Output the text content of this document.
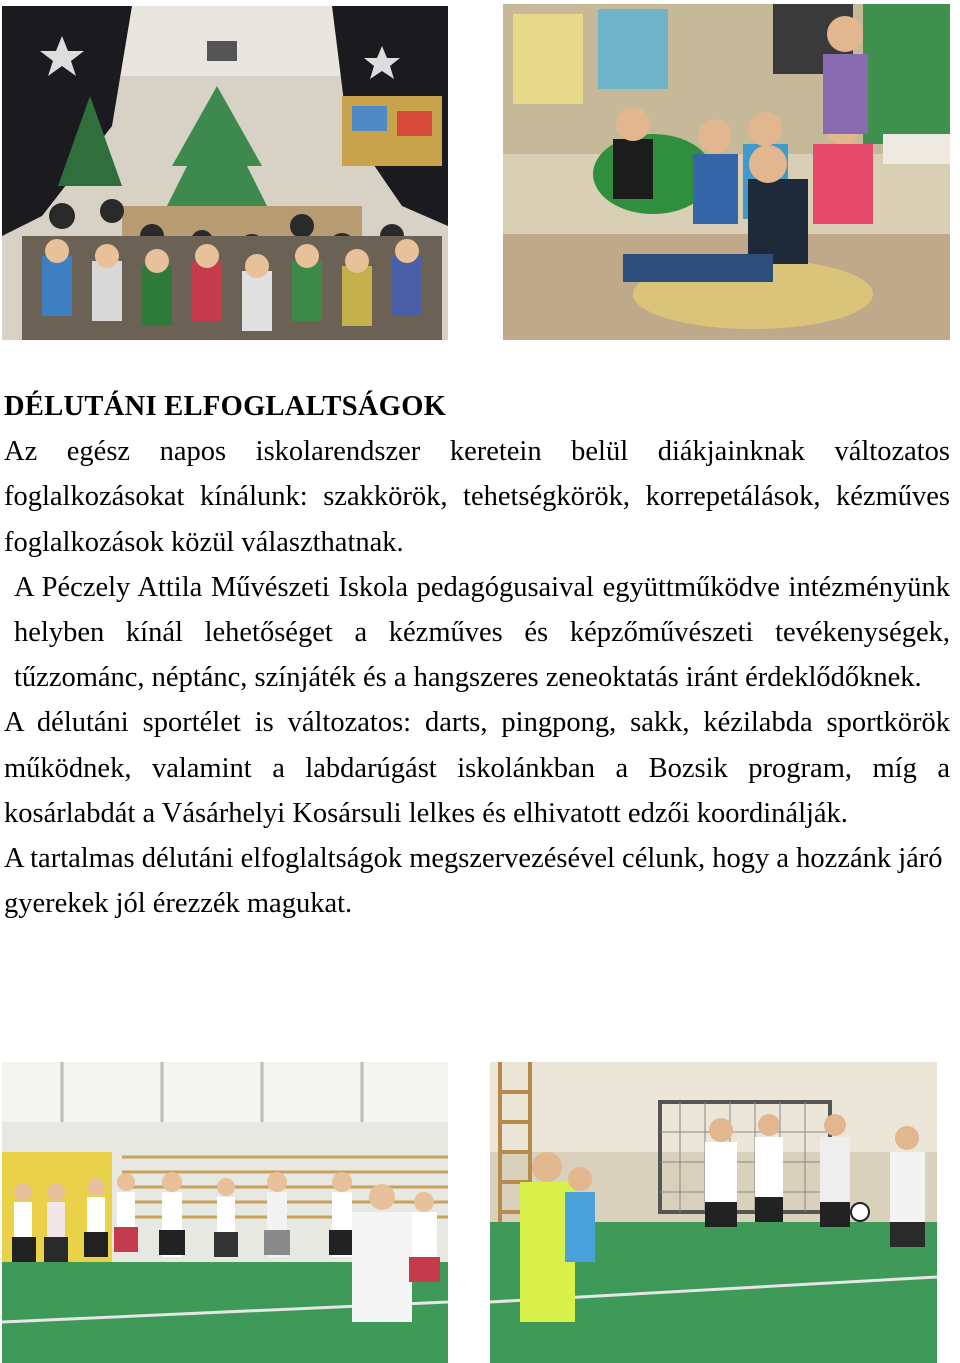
DÉLUTÁNI ELFOGLALTSÁGOK

Az egész napos iskolarendszer keretein belül diákjainknak változatos foglalkozásokat kínálunk: szakkörök, tehetségkörök, korrepetálások, kézműves foglalkozások közül választhatnak.

A Péczely Attila Művészeti Iskola pedagógusaival együttműködve intézményünk helyben kínál lehetőséget a kézműves és képzőművészeti tevékenységek, tűzzománc, néptánc, színjáték és a hangszeres zeneoktatás iránt érdeklődőknek.

A délutáni sportélet is változatos: darts, pingpong, sakk, kézilabda sportkörök működnek, valamint a labdarúgást iskolánkban a Bozsik program, míg a kosárlabdát a Vásárhelyi Kosársuli lelkes és elhivatott edzői koordinálják.

A tartalmas délutáni elfoglaltságok megszervezésével célunk, hogy a hozzánk járó gyerekek jól érezzék magukat.
